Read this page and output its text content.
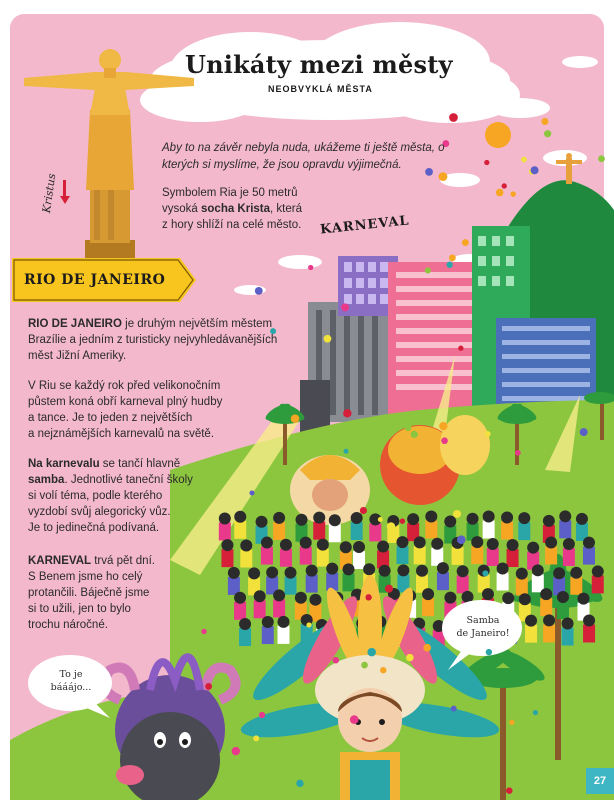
Unikáty mezi městy
NEOBVYKLÁ MĚSTA
Aby to na závěr nebyla nuda, ukážeme ti ještě města, o kterých si myslíme, že jsou opravdu výjimečná.
Symbolem Ria je 50 metrů
vysoká socha Krista, která
z hory shlíží na celé město.
Kristus
RIO DE JANEIRO
KARNEVAL
RIO DE JANEIRO je druhým největším městem
Brazílie a jedním z turisticky nejvyhledávanějších
měst Jižní Ameriky.
V Riu se každý rok před velikonočním
půstem koná obří karneval plný hudby
a tance. Je to jeden z největších
a nejznámějších karnevalů na světě.
Na karnevalu se tančí hlavně
samba. Jednotlivé taneční školy
si volí téma, podle kterého
vyzdobí svůj alegorický vůz.
Je to jedinečná podívaná.
KARNEVAL trvá pět dní.
S Benem jsme ho celý
protančili. Báječně jsme
si to užili, jen to bylo
trochu náročné.
To je
bááájo...
Samba
de Janeiro!
27
